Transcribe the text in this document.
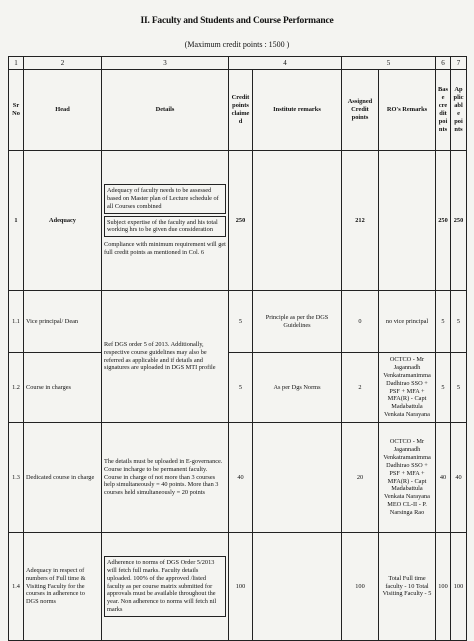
II. Faculty and Students and Course Performance
(Maximum credit points : 1500 )
1	2	3	4		5		6	7
Sr No	Head	Details	Credit points claimed	Institute remarks	Assigned Credit points	RO's Remarks	Base credit points	Applic able points
1	Adequacy	Adequacy of faculty needs to be assessed based on Master plan of Lecture schedule of all Courses combined
Subject expertise of the faculty and his total working hrs to be given due consideration
Compliance with minimum requirement will get full credit points as mentioned in Col. 6	250		212		250	250
1.1	Vice principal/ Dean	Ref DGS order 5 of 2013. Additionally, respective course guidelines may also be referred as applicable and if details and signatures are uploaded in DGS MTI profile	5	Principle as per the DGS Guidelines	0	no vice principal	5	5
1.2	Course in charges		5	As per Dgs Norms	2	OCTCO - Mr Jagannadh Venkatramanimma Dadhirao SSO + PSF + MFA + MFA(R) - Capt Madabattula Venkata Narayana	5	5
1.3	Dedicated course in charge	The details must be uploaded in E-governance. Course incharge to be permanent faculty. Course in charge of not more than 3 courses help simultaneously = 40 points. More than 3 courses held simultaneously = 20 points	40		20	OCTCO - Mr Jagannadh Venkatramanimma Dadhirao SSO + PSF + MFA + MFA(R) - Capt Madabattula Venkata Narayana MEO CL-II - P. Narsinga Rao	40	40
1.4	Adequacy in respect of numbers of Full time & Visiting Faculty for the courses in adherence to DGS norms	Adherence to norms of DGS Order 5/2013 will fetch full marks. Faculty details uploaded. 100% of the approved /listed faculty as per course matrix submitted for approvals must be available throughout the year. Non adherence to norms will fetch nil marks	100		100	Total Full time faculty - 10 Total Visiting Faculty - 5	100	100
